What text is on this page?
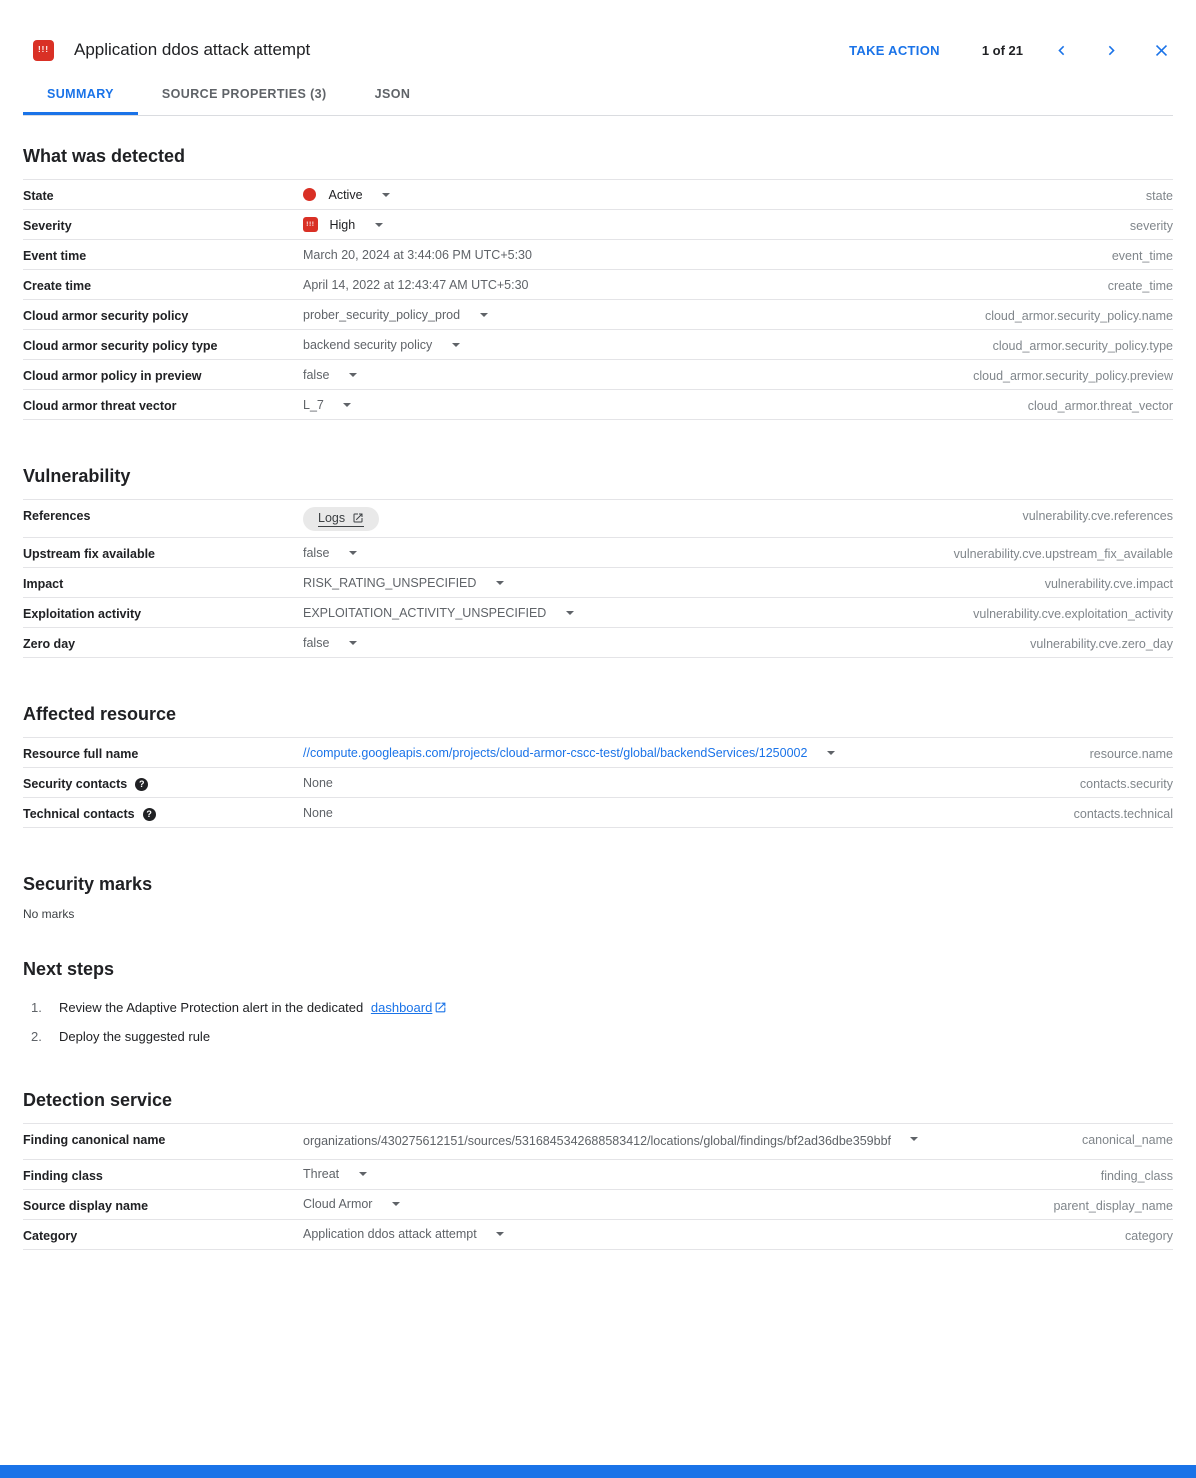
!!! Application ddos attack attempt	TAKE ACTION	1 of 21
SUMMARY	SOURCE PROPERTIES (3)	JSON
What was detected
State	Active	state
Severity	!!! High	severity
Event time	March 20, 2024 at 3:44:06 PM UTC+5:30	event_time
Create time	April 14, 2022 at 12:43:47 AM UTC+5:30	create_time
Cloud armor security policy	prober_security_policy_prod	cloud_armor.security_policy.name
Cloud armor security policy type	backend security policy	cloud_armor.security_policy.type
Cloud armor policy in preview	false	cloud_armor.security_policy.preview
Cloud armor threat vector	L_7	cloud_armor.threat_vector
Vulnerability
References	Logs	vulnerability.cve.references
Upstream fix available	false	vulnerability.cve.upstream_fix_available
Impact	RISK_RATING_UNSPECIFIED	vulnerability.cve.impact
Exploitation activity	EXPLOITATION_ACTIVITY_UNSPECIFIED	vulnerability.cve.exploitation_activity
Zero day	false	vulnerability.cve.zero_day
Affected resource
Resource full name	//compute.googleapis.com/projects/cloud-armor-cscc-test/global/backendServices/1250002	resource.name
Security contacts ?	None	contacts.security
Technical contacts ?	None	contacts.technical
Security marks
No marks
Next steps
1.	Review the Adaptive Protection alert in the dedicated dashboard
2.	Deploy the suggested rule
Detection service
Finding canonical name	organizations/430275612151/sources/5316845342688583412/locations/global/findings/bf2ad36dbe359bbf	canonical_name
Finding class	Threat	finding_class
Source display name	Cloud Armor	parent_display_name
Category	Application ddos attack attempt	category
